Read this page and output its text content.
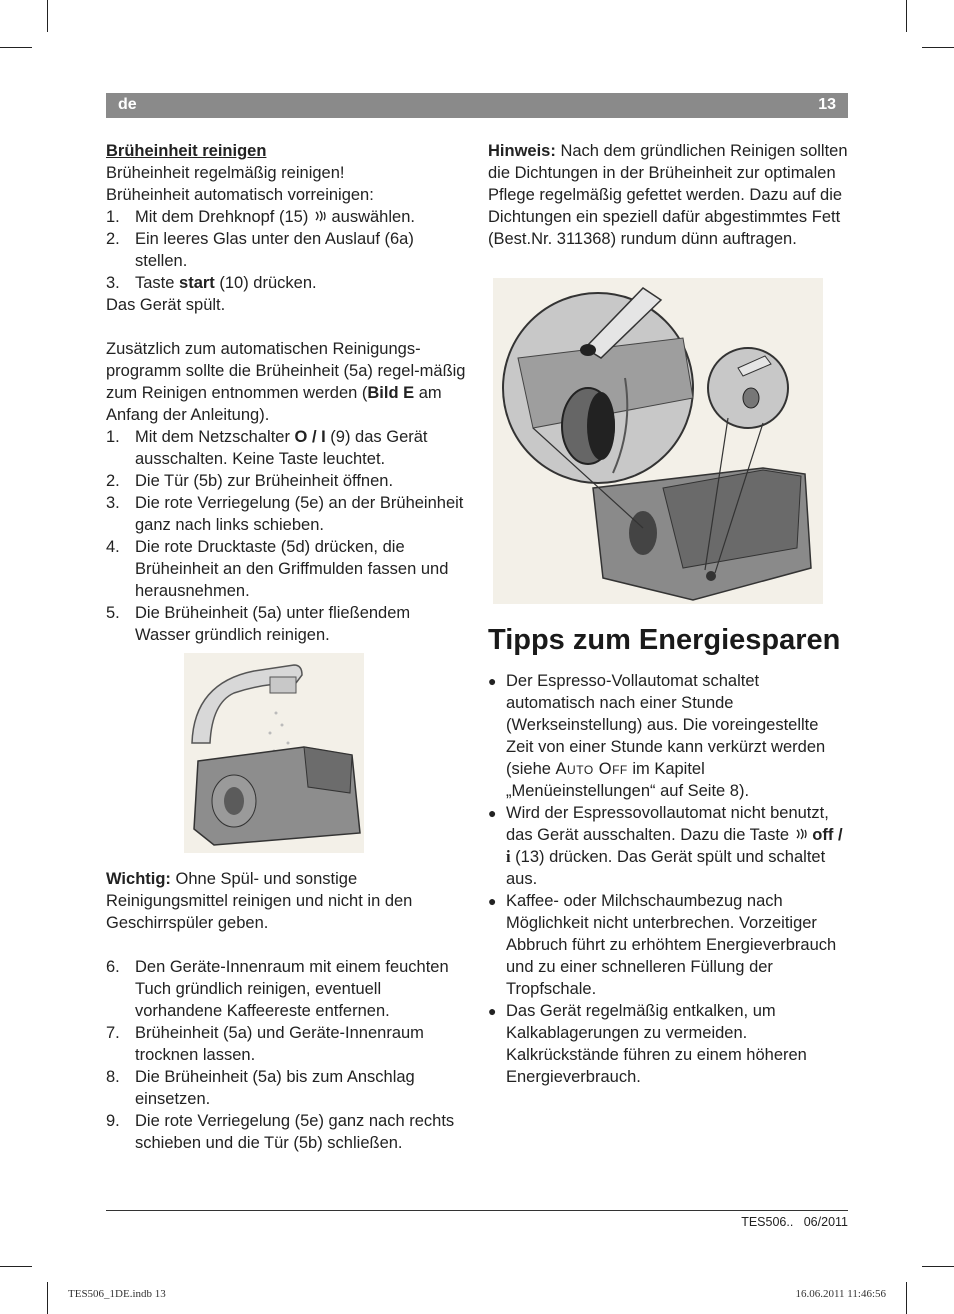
de	13

Brüheinheit reinigen

Brüheinheit regelmäßig reinigen!

Brüheinheit automatisch vorreinigen:

1. Mit dem Drehknopf (15)  auswählen.
2. Ein leeres Glas unter den Auslauf (6a) stellen.
3. Taste start (10) drücken.

Das Gerät spült.

Zusätzlich zum automatischen Reinigungs-programm sollte die Brüheinheit (5a) regel-mäßig zum Reinigen entnommen werden (Bild E am Anfang der Anleitung).

1. Mit dem Netzschalter O / I (9) das Gerät ausschalten. Keine Taste leuchtet.
2. Die Tür (5b) zur Brüheinheit öffnen.
3. Die rote Verriegelung (5e) an der Brüheinheit ganz nach links schieben.
4. Die rote Drucktaste (5d) drücken, die Brüheinheit an den Griffmulden fassen und herausnehmen.
5. Die Brüheinheit (5a) unter fließendem Wasser gründlich reinigen.

Wichtig: Ohne Spül- und sonstige Reinigungsmittel reinigen und nicht in den Geschirrspüler geben.

6. Den Geräte-Innenraum mit einem feuchten Tuch gründlich reinigen, eventuell vorhandene Kaffeereste entfernen.
7. Brüheinheit (5a) und Geräte-Innenraum trocknen lassen.
8. Die Brüheinheit (5a) bis zum Anschlag einsetzen.
9. Die rote Verriegelung (5e) ganz nach rechts schieben und die Tür (5b) schließen.

Hinweis: Nach dem gründlichen Reinigen sollten die Dichtungen in der Brüheinheit zur optimalen Pflege regelmäßig gefettet werden. Dazu auf die Dichtungen ein speziell dafür abgestimmtes Fett (Best.Nr. 311368) rundum dünn auftragen.

Tipps zum Energiesparen
● Der Espresso-Vollautomat schaltet automatisch nach einer Stunde (Werkseinstellung) aus. Die voreingestellte Zeit von einer Stunde kann verkürzt werden (siehe Auto Off im Kapitel „Menüeinstellungen“ auf Seite 8).
● Wird der Espressovollautomat nicht benutzt, das Gerät ausschalten. Dazu die Taste  off / i (13) drücken. Das Gerät spült und schaltet aus.
● Kaffee- oder Milchschaumbezug nach Möglichkeit nicht unterbrechen. Vorzeitiger Abbruch führt zu erhöhtem Energieverbrauch und zu einer schnelleren Füllung der Tropfschale.
● Das Gerät regelmäßig entkalken, um Kalkablagerungen zu vermeiden. Kalkrückstände führen zu einem höheren Energieverbrauch.
TES506.. 06/2011
TES506_1DE.indb 13	16.06.2011 11:46:56
